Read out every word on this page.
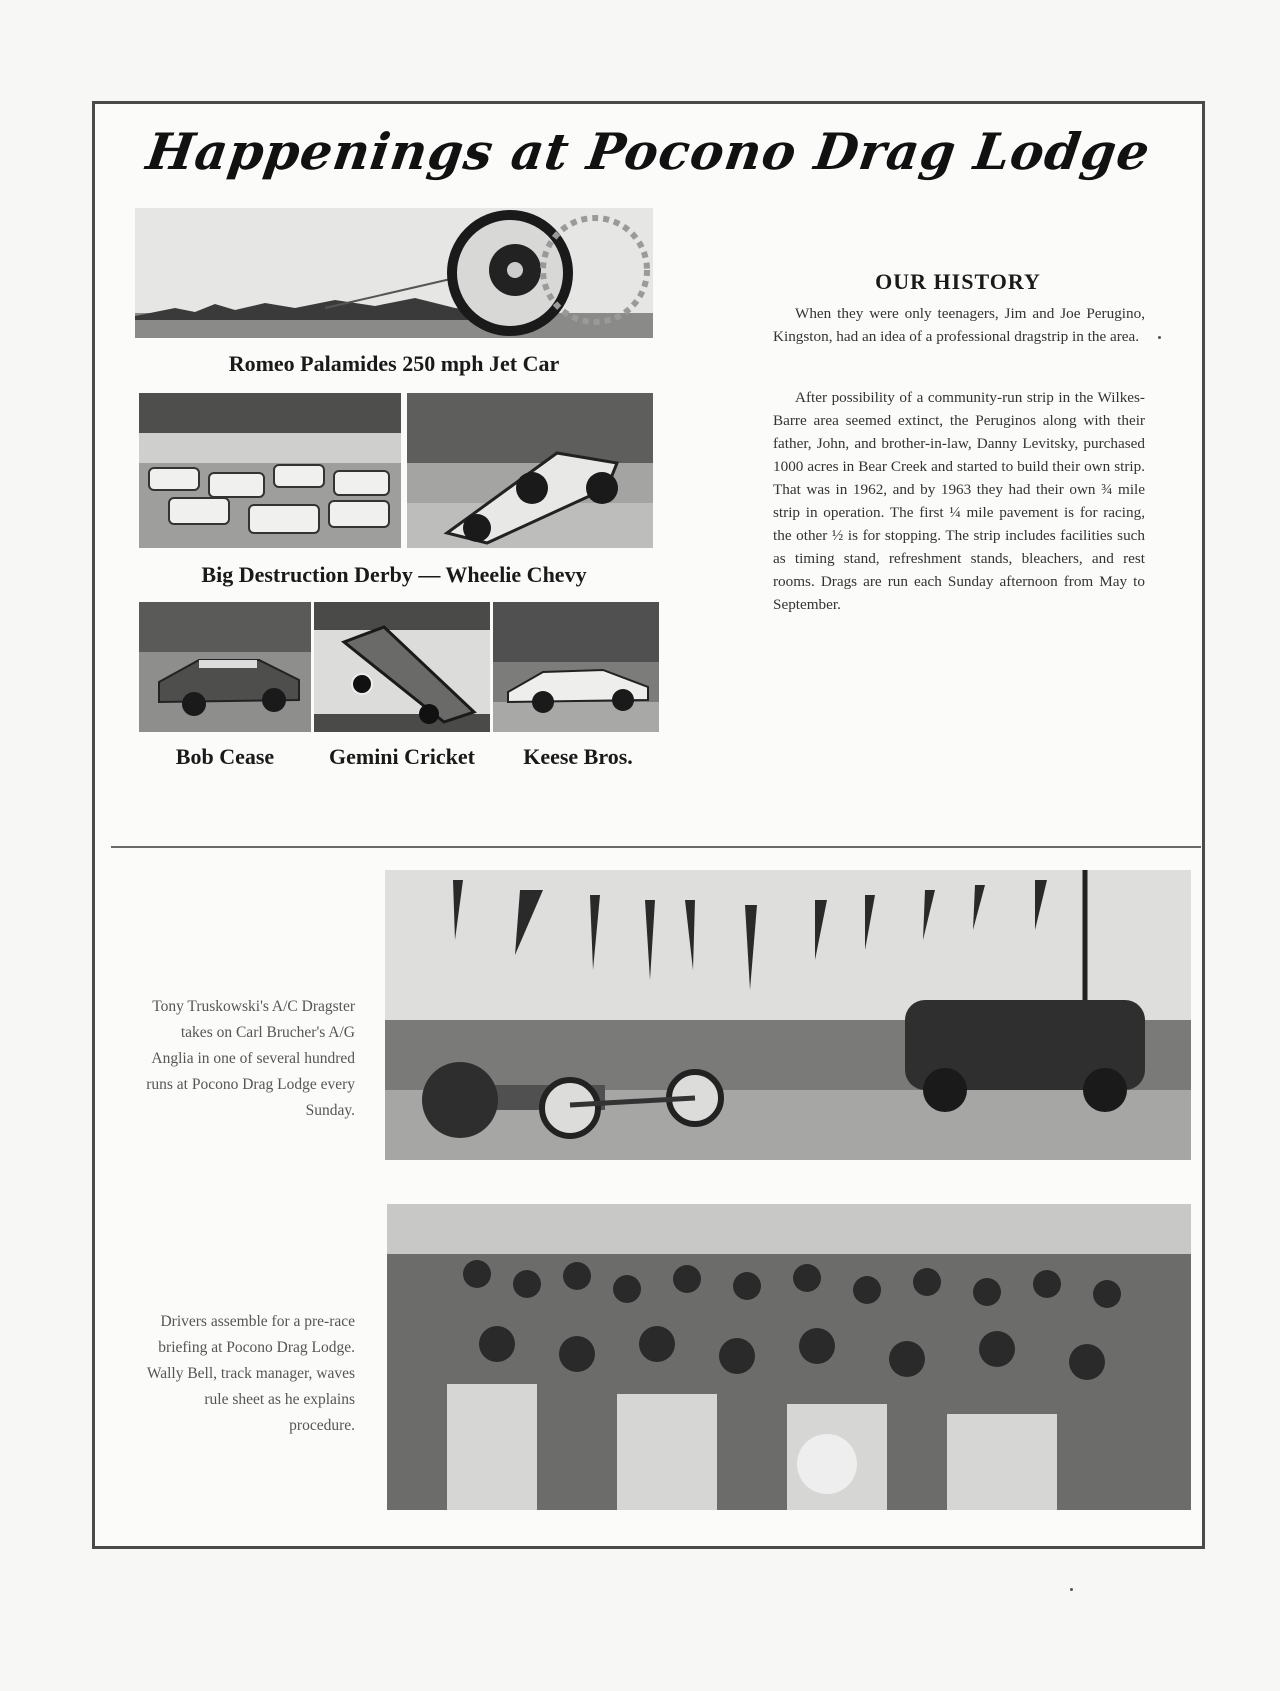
Happenings at Pocono Drag Lodge
Romeo Palamides 250 mph Jet Car
Big Destruction Derby — Wheelie Chevy
Bob Cease	Gemini Cricket	Keese Bros.
OUR HISTORY
When they were only teenagers, Jim and Joe Perugino, Kingston, had an idea of a professional dragstrip in the area.
After possibility of a community-run strip in the Wilkes-Barre area seemed extinct, the Peruginos along with their father, John, and brother-in-law, Danny Levitsky, purchased 1000 acres in Bear Creek and started to build their own strip. That was in 1962, and by 1963 they had their own ¾ mile strip in operation. The first ¼ mile pavement is for racing, the other ½ is for stopping. The strip includes facilities such as timing stand, refreshment stands, bleachers, and rest rooms. Drags are run each Sunday afternoon from May to September.
Tony Truskowski's A/C Dragster takes on Carl Brucher's A/G Anglia in one of several hundred runs at Pocono Drag Lodge every Sunday.
Drivers assemble for a pre-race briefing at Pocono Drag Lodge. Wally Bell, track manager, waves rule sheet as he explains procedure.
